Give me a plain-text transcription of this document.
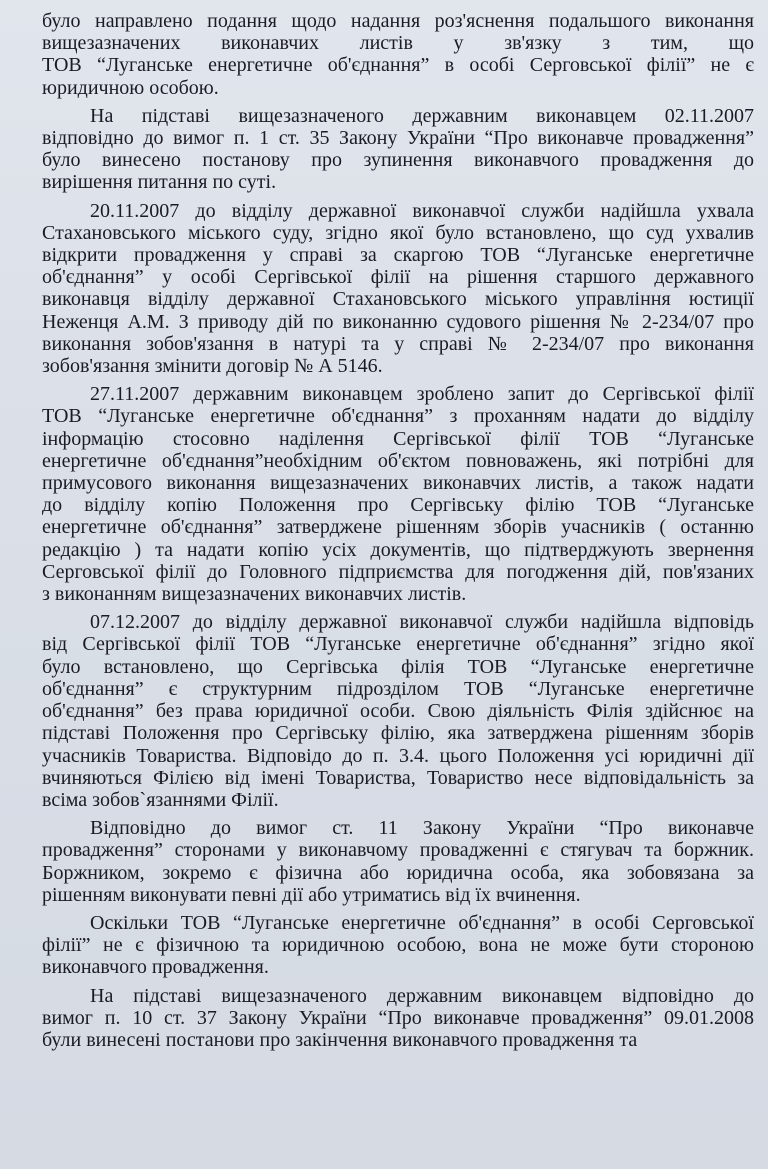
було направлено подання щодо надання роз'яснення подальшого виконання
вищезазначених виконавчих листів у зв'язку з тим, що
ТОВ “Луганське енергетичне об'єднання” в особі Серговської філії” не є
юридичною особою.
На підставі вищезазначеного державним виконавцем 02.11.2007
відповідно до вимог п. 1 ст. 35 Закону України “Про виконавче провадження”
було винесено постанову про зупинення виконавчого провадження до
вирішення питання по суті.
20.11.2007 до відділу державної виконавчої служби надійшла ухвала
Стахановського міського суду, згідно якої було встановлено, що суд ухвалив
відкрити провадження у справі за скаргою ТОВ “Луганське енергетичне
об'єднання” у особі Сергівської філії на рішення старшого державного
виконавця відділу державної Стахановського міського управління юстиції
Неженця А.М. З приводу дій по виконанню судового рішення № 2-234/07 про
виконання зобов'язання в натурі та у справі № 2-234/07 про виконання
зобов'язання змінити договір № А 5146.
27.11.2007 державним виконавцем зроблено запит до Сергівської філії
ТОВ “Луганське енергетичне об'єднання” з проханням надати до відділу
інформацію стосовно наділення Сергівської філії ТОВ “Луганське
енергетичне об'єднання”необхідним об'єктом повноважень, які потрібні для
примусового виконання вищезазначених виконавчих листів, а також надати
до відділу копію Положення про Сергівську філію ТОВ “Луганське
енергетичне об'єднання” затверджене рішенням зборів учасників ( останню
редакцію ) та надати копію усіх документів, що підтверджують звернення
Серговської філії до Головного підприємства для погодження дій, пов'язаних
з виконанням вищезазначених виконавчих листів.
07.12.2007 до відділу державної виконавчої служби надійшла відповідь
від Сергівської філії ТОВ “Луганське енергетичне об'єднання” згідно якої
було встановлено, що Сергівська філія ТОВ “Луганське енергетичне
об'єднання” є структурним підрозділом ТОВ “Луганське енергетичне
об'єднання” без права юридичної особи. Свою діяльність Філія здійснює на
підставі Положення про Сергівську філію, яка затверджена рішенням зборів
учасників Товариства. Відповідо до п. 3.4. цього Положення усі юридичні дії
вчиняються Філією від імені Товариства, Товариство несе відповідальність за
всіма зобов`язаннями Філії.
Відповідно до вимог ст. 11 Закону України “Про виконавче
провадження” сторонами у виконавчому провадженні є стягувач та боржник.
Боржником, зокремо є фізична або юридична особа, яка зобовязана за
рішенням виконувати певні дії або утриматись від їх вчинення.
Оскільки ТОВ “Луганське енергетичне об'єднання” в особі Серговської
філії” не є фізичною та юридичною особою, вона не може бути стороною
виконавчого провадження.
На підставі вищезазначеного державним виконавцем відповідно до
вимог п. 10 ст. 37 Закону України “Про виконавче провадження” 09.01.2008
були винесені постанови про закінчення виконавчого провадження та
